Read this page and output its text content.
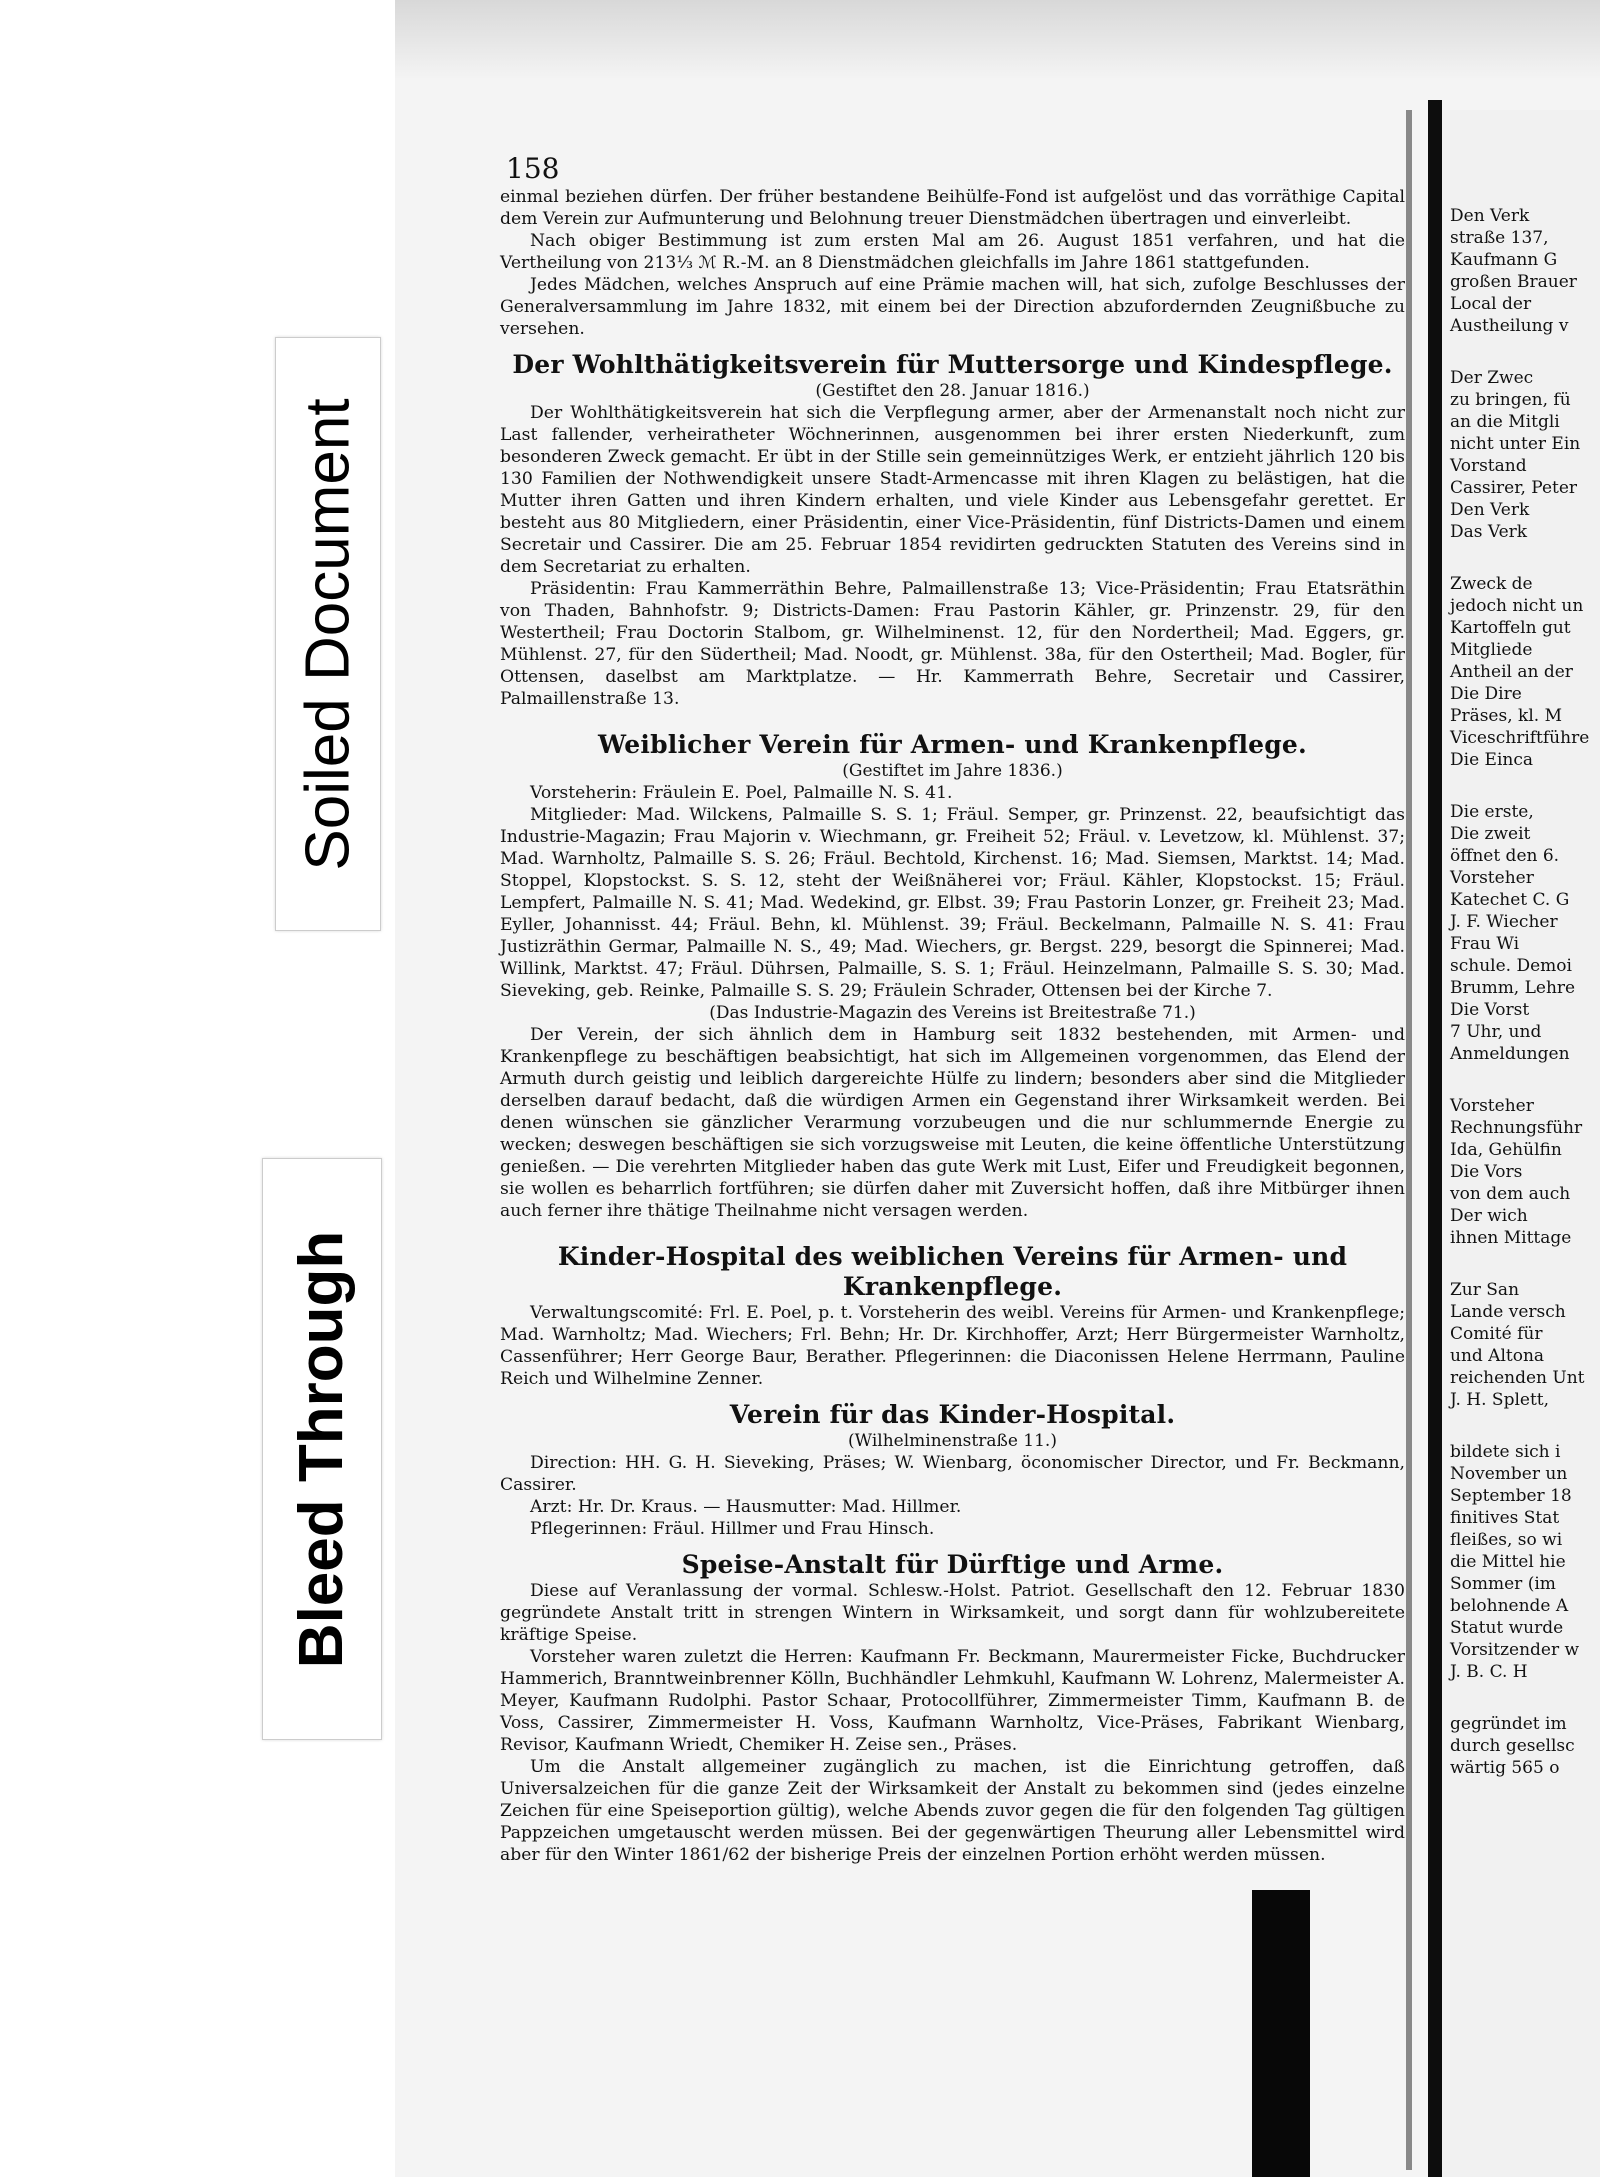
Soiled Document
Bleed Through
158

einmal beziehen dürfen. Der früher bestandene Beihülfe-Fond ist aufgelöst und das vorräthige Capital dem Verein zur Aufmunterung und Belohnung treuer Dienstmädchen übertragen und einverleibt.

Nach obiger Bestimmung ist zum ersten Mal am 26. August 1851 verfahren, und hat die Vertheilung von 213⅓ ℳ R.-M. an 8 Dienstmädchen gleichfalls im Jahre 1861 stattgefunden.

Jedes Mädchen, welches Anspruch auf eine Prämie machen will, hat sich, zufolge Beschlusses der Generalversammlung im Jahre 1832, mit einem bei der Direction abzufordernden Zeugnißbuche zu versehen.

Der Wohlthätigkeitsverein für Muttersorge und Kindespflege.
(Gestiftet den 28. Januar 1816.)

Der Wohlthätigkeitsverein hat sich die Verpflegung armer, aber der Armenanstalt noch nicht zur Last fallender, verheiratheter Wöchnerinnen, ausgenommen bei ihrer ersten Niederkunft, zum besonderen Zweck gemacht. Er übt in der Stille sein gemeinnütziges Werk, er entzieht jährlich 120 bis 130 Familien der Nothwendigkeit unsere Stadt-Armencasse mit ihren Klagen zu belästigen, hat die Mutter ihren Gatten und ihren Kindern erhalten, und viele Kinder aus Lebensgefahr gerettet. Er besteht aus 80 Mitgliedern, einer Präsidentin, einer Vice-Präsidentin, fünf Districts-Damen und einem Secretair und Cassirer. Die am 25. Februar 1854 revidirten gedruckten Statuten des Vereins sind in dem Secretariat zu erhalten.

Präsidentin: Frau Kammerräthin Behre, Palmaillenstraße 13; Vice-Präsidentin; Frau Etatsräthin von Thaden, Bahnhofstr. 9; Districts-Damen: Frau Pastorin Kähler, gr. Prinzenstr. 29, für den Westertheil; Frau Doctorin Stalbom, gr. Wilhelminenst. 12, für den Nordertheil; Mad. Eggers, gr. Mühlenst. 27, für den Südertheil; Mad. Noodt, gr. Mühlenst. 38a, für den Ostertheil; Mad. Bogler, für Ottensen, daselbst am Marktplatze. — Hr. Kammerrath Behre, Secretair und Cassirer, Palmaillenstraße 13.

Weiblicher Verein für Armen- und Krankenpflege.
(Gestiftet im Jahre 1836.)

Vorsteherin: Fräulein E. Poel, Palmaille N. S. 41.

Mitglieder: Mad. Wilckens, Palmaille S. S. 1; Fräul. Semper, gr. Prinzenst. 22, beaufsichtigt das Industrie-Magazin; Frau Majorin v. Wiechmann, gr. Freiheit 52; Fräul. v. Levetzow, kl. Mühlenst. 37; Mad. Warnholtz, Palmaille S. S. 26; Fräul. Bechtold, Kirchenst. 16; Mad. Siemsen, Marktst. 14; Mad. Stoppel, Klopstockst. S. S. 12, steht der Weißnäherei vor; Fräul. Kähler, Klopstockst. 15; Fräul. Lempfert, Palmaille N. S. 41; Mad. Wedekind, gr. Elbst. 39; Frau Pastorin Lonzer, gr. Freiheit 23; Mad. Eyller, Johannisst. 44; Fräul. Behn, kl. Mühlenst. 39; Fräul. Beckelmann, Palmaille N. S. 41: Frau Justizräthin Germar, Palmaille N. S., 49; Mad. Wiechers, gr. Bergst. 229, besorgt die Spinnerei; Mad. Willink, Marktst. 47; Fräul. Dührsen, Palmaille, S. S. 1; Fräul. Heinzelmann, Palmaille S. S. 30; Mad. Sieveking, geb. Reinke, Palmaille S. S. 29; Fräulein Schrader, Ottensen bei der Kirche 7.

(Das Industrie-Magazin des Vereins ist Breitestraße 71.)

Der Verein, der sich ähnlich dem in Hamburg seit 1832 bestehenden, mit Armen- und Krankenpflege zu beschäftigen beabsichtigt, hat sich im Allgemeinen vorgenommen, das Elend der Armuth durch geistig und leiblich dargereichte Hülfe zu lindern; besonders aber sind die Mitglieder derselben darauf bedacht, daß die würdigen Armen ein Gegenstand ihrer Wirksamkeit werden. Bei denen wünschen sie gänzlicher Verarmung vorzubeugen und die nur schlummernde Energie zu wecken; deswegen beschäftigen sie sich vorzugsweise mit Leuten, die keine öffentliche Unterstützung genießen. — Die verehrten Mitglieder haben das gute Werk mit Lust, Eifer und Freudigkeit begonnen, sie wollen es beharrlich fortführen; sie dürfen daher mit Zuversicht hoffen, daß ihre Mitbürger ihnen auch ferner ihre thätige Theilnahme nicht versagen werden.

Kinder-Hospital des weiblichen Vereins für Armen- und Krankenpflege.

Verwaltungscomité: Frl. E. Poel, p. t. Vorsteherin des weibl. Vereins für Armen- und Krankenpflege; Mad. Warnholtz; Mad. Wiechers; Frl. Behn; Hr. Dr. Kirchhoffer, Arzt; Herr Bürgermeister Warnholtz, Cassenführer; Herr George Baur, Berather. Pflegerinnen: die Diaconissen Helene Herrmann, Pauline Reich und Wilhelmine Zenner.

Verein für das Kinder-Hospital.
(Wilhelminenstraße 11.)

Direction: HH. G. H. Sieveking, Präses; W. Wienbarg, öconomischer Director, und Fr. Beckmann, Cassirer.

Arzt: Hr. Dr. Kraus. — Hausmutter: Mad. Hillmer.

Pflegerinnen: Fräul. Hillmer und Frau Hinsch.

Speise-Anstalt für Dürftige und Arme.

Diese auf Veranlassung der vormal. Schlesw.-Holst. Patriot. Gesellschaft den 12. Februar 1830 gegründete Anstalt tritt in strengen Wintern in Wirksamkeit, und sorgt dann für wohlzubereitete kräftige Speise.

Vorsteher waren zuletzt die Herren: Kaufmann Fr. Beckmann, Maurermeister Ficke, Buchdrucker Hammerich, Branntweinbrenner Kölln, Buchhändler Lehmkuhl, Kaufmann W. Lohrenz, Malermeister A. Meyer, Kaufmann Rudolphi. Pastor Schaar, Protocollführer, Zimmermeister Timm, Kaufmann B. de Voss, Cassirer, Zimmermeister H. Voss, Kaufmann Warnholtz, Vice-Präses, Fabrikant Wienbarg, Revisor, Kaufmann Wriedt, Chemiker H. Zeise sen., Präses.

Um die Anstalt allgemeiner zugänglich zu machen, ist die Einrichtung getroffen, daß Universalzeichen für die ganze Zeit der Wirksamkeit der Anstalt zu bekommen sind (jedes einzelne Zeichen für eine Speiseportion gültig), welche Abends zuvor gegen die für den folgenden Tag gültigen Pappzeichen umgetauscht werden müssen. Bei der gegenwärtigen Theurung aller Lebensmittel wird aber für den Winter 1861/62 der bisherige Preis der einzelnen Portion erhöht werden müssen.

Den Verk
straße 137,
Kaufmann G
großen Brauer
Local der
Austheilung v
Der Zwec
zu bringen, fü
an die Mitgli
nicht unter Ein
Vorstand
Cassirer, Peter
Den Verk
Das Verk
Zweck de
jedoch nicht un
Kartoffeln gut
Mitgliede
Antheil an der
Die Dire
Präses, kl. M
Viceschriftführe
Die Einca
Die erste,
Die zweit
öffnet den 6.
Vorsteher
Katechet C. G
J. F. Wiecher
Frau Wi
schule. Demoi
Brumm, Lehre
Die Vorst
7 Uhr, und
Anmeldungen
Vorsteher
Rechnungsführ
Ida, Gehülfin
Die Vors
von dem auch
Der wich
ihnen Mittage
Zur San
Lande versch
Comité für
und Altona
reichenden Unt
J. H. Splett,
bildete sich i
November un
September 18
finitives Stat
fleißes, so wi
die Mittel hie
Sommer (im
belohnende A
Statut wurde
Vorsitzender w
J. B. C. H
gegründet im
durch gesellsc
wärtig 565 o
